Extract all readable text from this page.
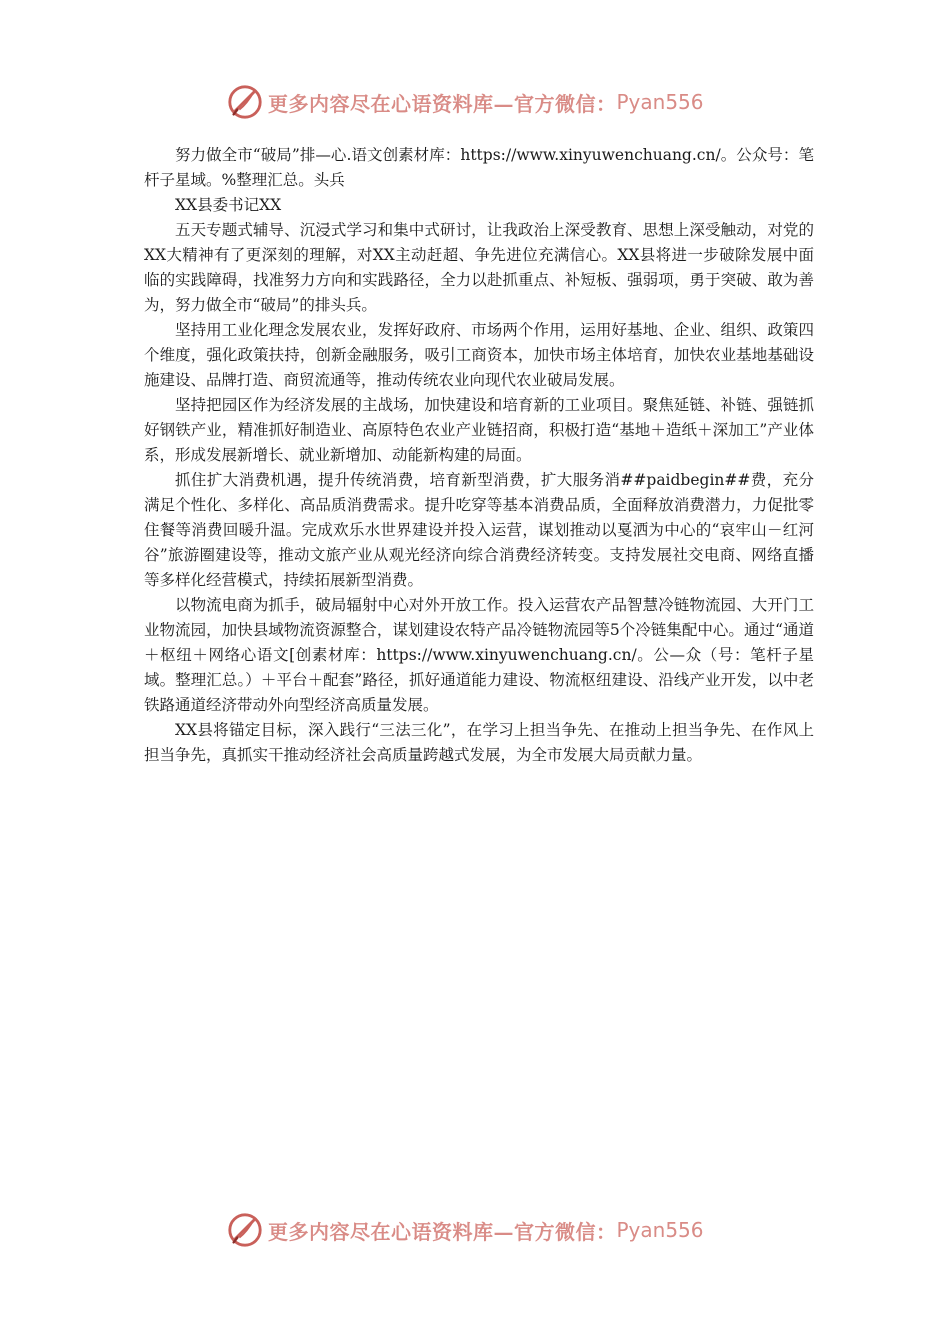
更多内容尽在心语资料库—官方微信： Pyan556

努力做全市“破局”排—心.语文创素材库：https://www.xinyuwenchuang.cn/。公众号：笔杆子星域。%整理汇总。头兵

XX县委书记XX

五天专题式辅导、沉浸式学习和集中式研讨，让我政治上深受教育、思想上深受触动，对党的XX大精神有了更深刻的理解，对XX主动赶超、争先进位充满信心。XX县将进一步破除发展中面临的实践障碍，找准努力方向和实践路径，全力以赴抓重点、补短板、强弱项，勇于突破、敢为善为，努力做全市“破局”的排头兵。

坚持用工业化理念发展农业，发挥好政府、市场两个作用，运用好基地、企业、组织、政策四个维度，强化政策扶持，创新金融服务，吸引工商资本，加快市场主体培育，加快农业基地基础设施建设、品牌打造、商贸流通等，推动传统农业向现代农业破局发展。

坚持把园区作为经济发展的主战场，加快建设和培育新的工业项目。聚焦延链、补链、强链抓好钢铁产业，精准抓好制造业、高原特色农业产业链招商，积极打造“基地＋造纸＋深加工”产业体系，形成发展新增长、就业新增加、动能新构建的局面。

抓住扩大消费机遇，提升传统消费，培育新型消费，扩大服务消##paidbegin##费，充分满足个性化、多样化、高品质消费需求。提升吃穿等基本消费品质，全面释放消费潜力，力促批零住餐等消费回暖升温。完成欢乐水世界建设并投入运营，谋划推动以戛洒为中心的“哀牢山－红河谷”旅游圈建设等，推动文旅产业从观光经济向综合消费经济转变。支持发展社交电商、网络直播等多样化经营模式，持续拓展新型消费。

以物流电商为抓手，破局辐射中心对外开放工作。投入运营农产品智慧冷链物流园、大开门工业物流园，加快县域物流资源整合，谋划建设农特产品冷链物流园等5个冷链集配中心。通过“通道＋枢纽＋网络心语文[创素材库：https://www.xinyuwenchuang.cn/。公—众（号：笔杆子星域。整理汇总。）＋平台＋配套”路径，抓好通道能力建设、物流枢纽建设、沿线产业开发，以中老铁路通道经济带动外向型经济高质量发展。

XX县将锚定目标，深入践行“三法三化”，在学习上担当争先、在推动上担当争先、在作风上担当争先，真抓实干推动经济社会高质量跨越式发展，为全市发展大局贡献力量。

更多内容尽在心语资料库—官方微信： Pyan556
